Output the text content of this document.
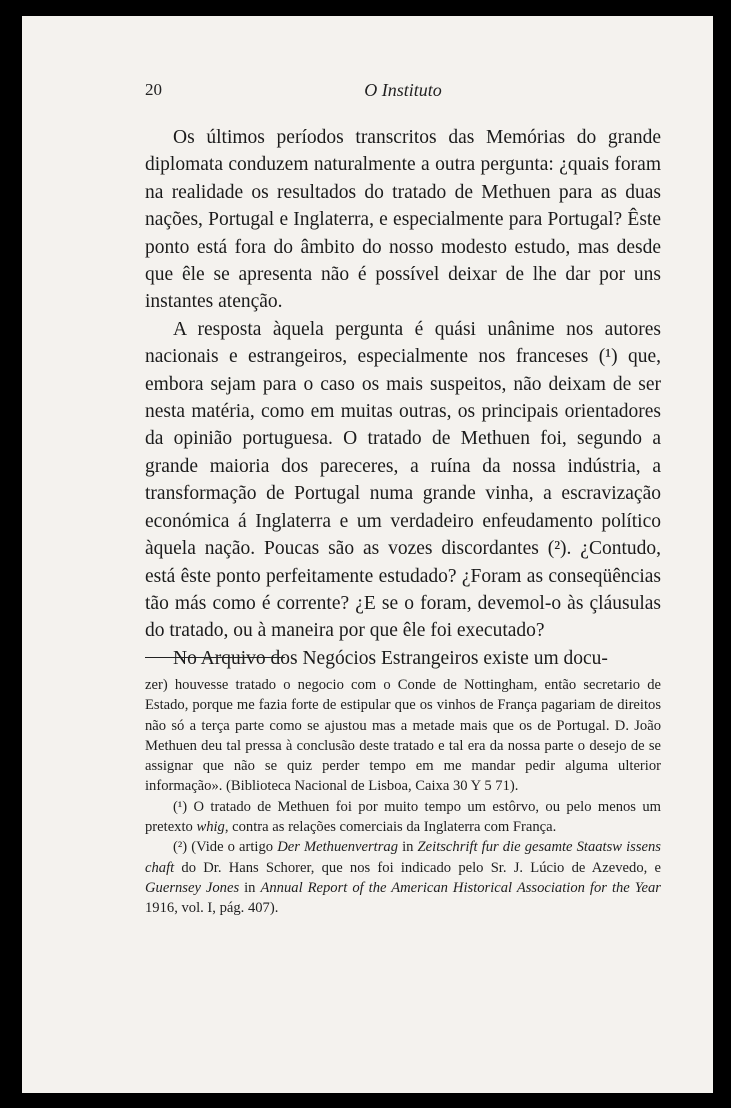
20	O Instituto

Os últimos períodos transcritos das Memórias do grande diplomata conduzem naturalmente a outra pergunta: ¿quais foram na realidade os resultados do tratado de Methuen para as duas nações, Portugal e Inglaterra, e especialmente para Portugal? Êste ponto está fora do âmbito do nosso modesto estudo, mas desde que êle se apresenta não é possível deixar de lhe dar por uns instantes atenção.

A resposta àquela pergunta é quási unânime nos autores nacionais e estrangeiros, especialmente nos franceses (¹) que, embora sejam para o caso os mais suspeitos, não deixam de ser nesta matéria, como em muitas outras, os principais orientadores da opinião portuguesa. O tratado de Methuen foi, segundo a grande maioria dos pareceres, a ruína da nossa indústria, a transformação de Portugal numa grande vinha, a escravização económica á Inglaterra e um verdadeiro enfeudamento político àquela nação. Poucas são as vozes discordantes (²). ¿Contudo, está êste ponto perfeitamente estudado? ¿Foram as conseqüências tão más como é corrente? ¿E se o foram, devemol-o às çláusulas do tratado, ou à maneira por que êle foi executado?

No Arquivo dos Negócios Estrangeiros existe um docu-

zer) houvesse tratado o negocio com o Conde de Nottingham, então secretario de Estado, porque me fazia forte de estipular que os vinhos de França pagariam de direitos não só a terça parte como se ajustou mas a metade mais que os de Portugal. D. João Methuen deu tal pressa à conclusão deste tratado e tal era da nossa parte o desejo de se assignar que não se quiz perder tempo em me mandar pedir alguma ulterior informação». (Biblioteca Nacional de Lisboa, Caixa 30 Y 5 71).

(¹) O tratado de Methuen foi por muito tempo um estôrvo, ou pelo menos um pretexto whig, contra as relações comerciais da Inglaterra com França.

(²) (Vide o artigo Der Methuenvertrag in Zeitschrift fur die gesamte Staatsw issens chaft do Dr. Hans Schorer, que nos foi indicado pelo Sr. J. Lúcio de Azevedo, e Guernsey Jones in Annual Report of the American Historical Association for the Year 1916, vol. I, pág. 407).
